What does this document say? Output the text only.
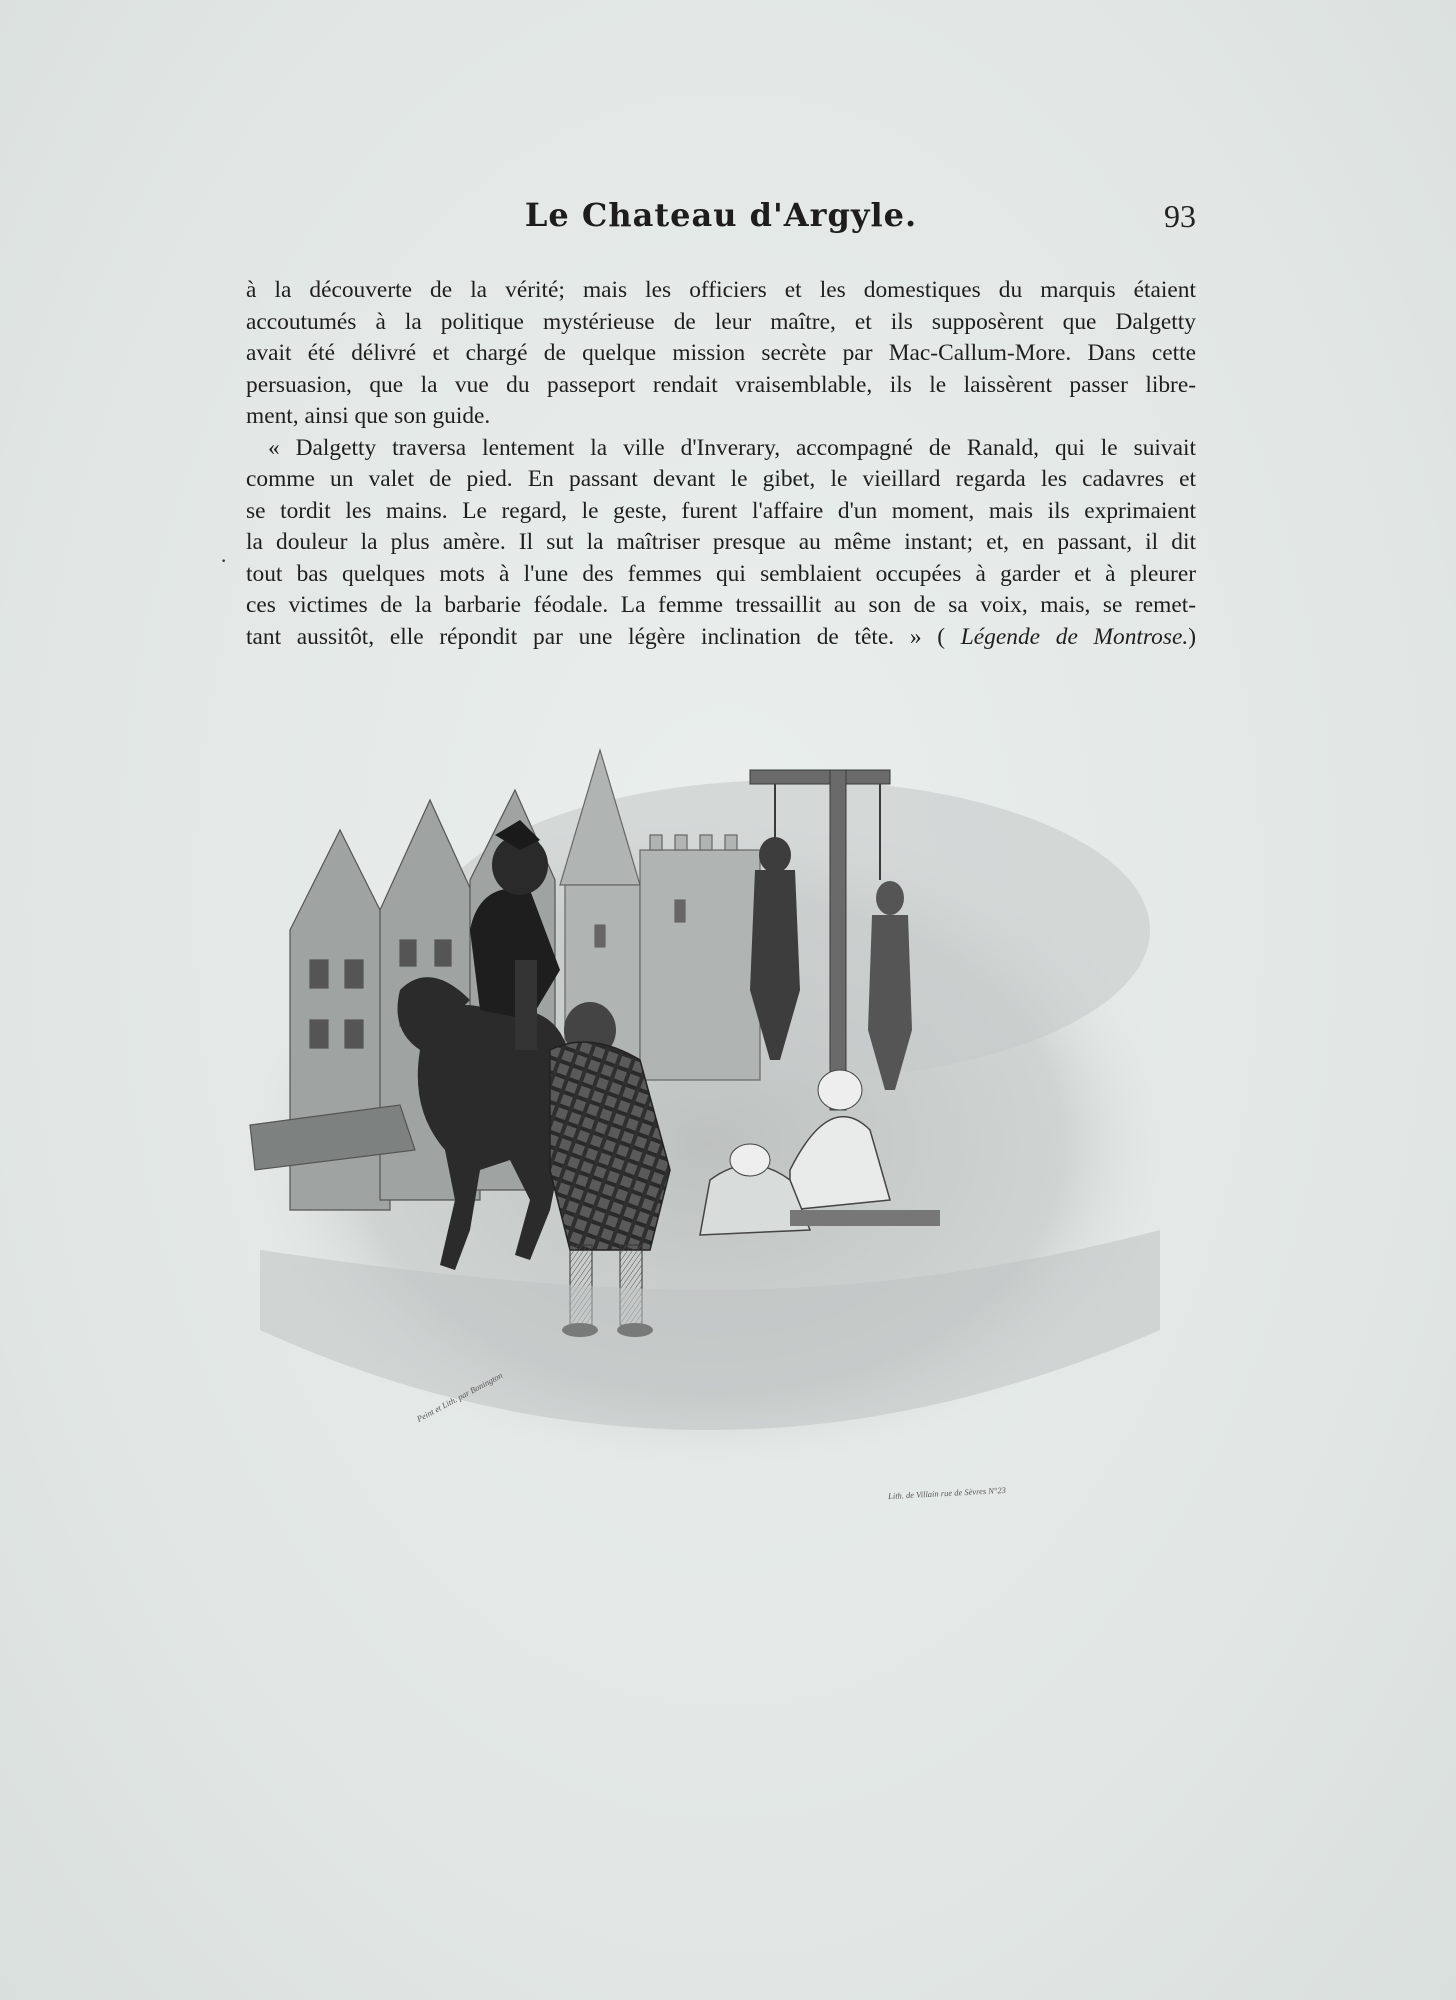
Le Chateau d'Argyle.	93
·
à la découverte de la vérité; mais les officiers et les domestiques du marquis étaient
accoutumés à la politique mystérieuse de leur maître, et ils supposèrent que Dalgetty
avait été délivré et chargé de quelque mission secrète par Mac-Callum-More. Dans cette
persuasion, que la vue du passeport rendait vraisemblable, ils le laissèrent passer libre-
ment, ainsi que son guide.
« Dalgetty traversa lentement la ville d'Inverary, accompagné de Ranald, qui le suivait
comme un valet de pied. En passant devant le gibet, le vieillard regarda les cadavres et
se tordit les mains. Le regard, le geste, furent l'affaire d'un moment, mais ils exprimaient
la douleur la plus amère. Il sut la maîtriser presque au même instant; et, en passant, il dit
tout bas quelques mots à l'une des femmes qui semblaient occupées à garder et à pleurer
ces victimes de la barbarie féodale. La femme tressaillit au son de sa voix, mais, se remet-
tant aussitôt, elle répondit par une légère inclination de tête. » ( Légende de Montrose.)
Peint et Lith. par Bonington
Lith. de Villain rue de Sèvres N°23
